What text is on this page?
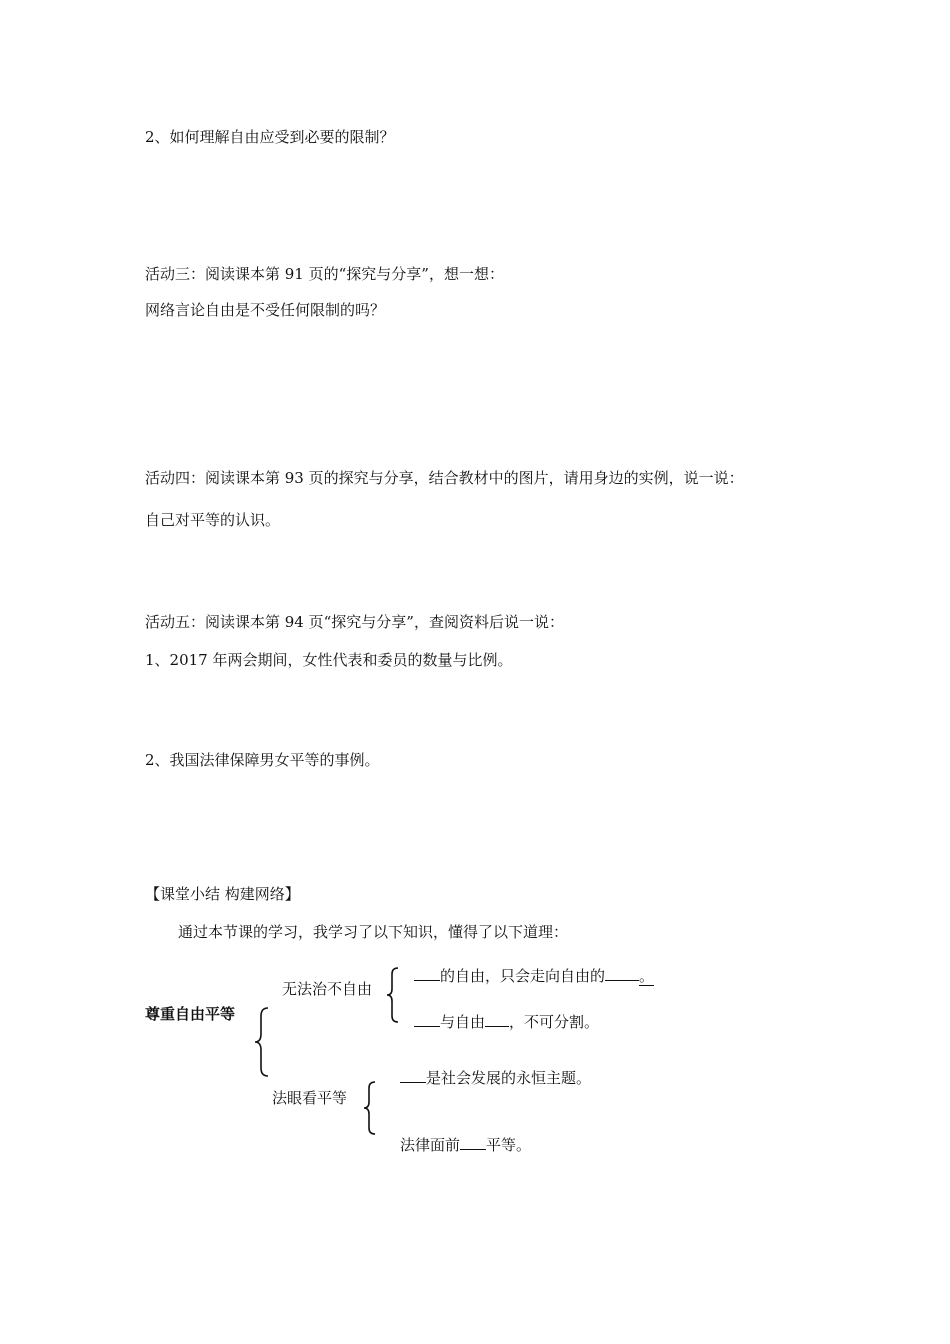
2、如何理解自由应受到必要的限制？
活动三：阅读课本第 91 页的“探究与分享”，想一想：
网络言论自由是不受任何限制的吗？
活动四：阅读课本第 93 页的探究与分享，结合教材中的图片，请用身边的实例，说一说：
自己对平等的认识。
活动五：阅读课本第 94 页“探究与分享”，查阅资料后说一说：
1、2017 年两会期间，女性代表和委员的数量与比例。
2、我国法律保障男女平等的事例。
【课堂小结 构建网络】
通过本节课的学习，我学习了以下知识，懂得了以下道理：
尊重自由平等
无法治不自由
的自由，只会走向自由的 。
与自由 ，不可分割。
法眼看平等
是社会发展的永恒主题。
法律面前 平等。
